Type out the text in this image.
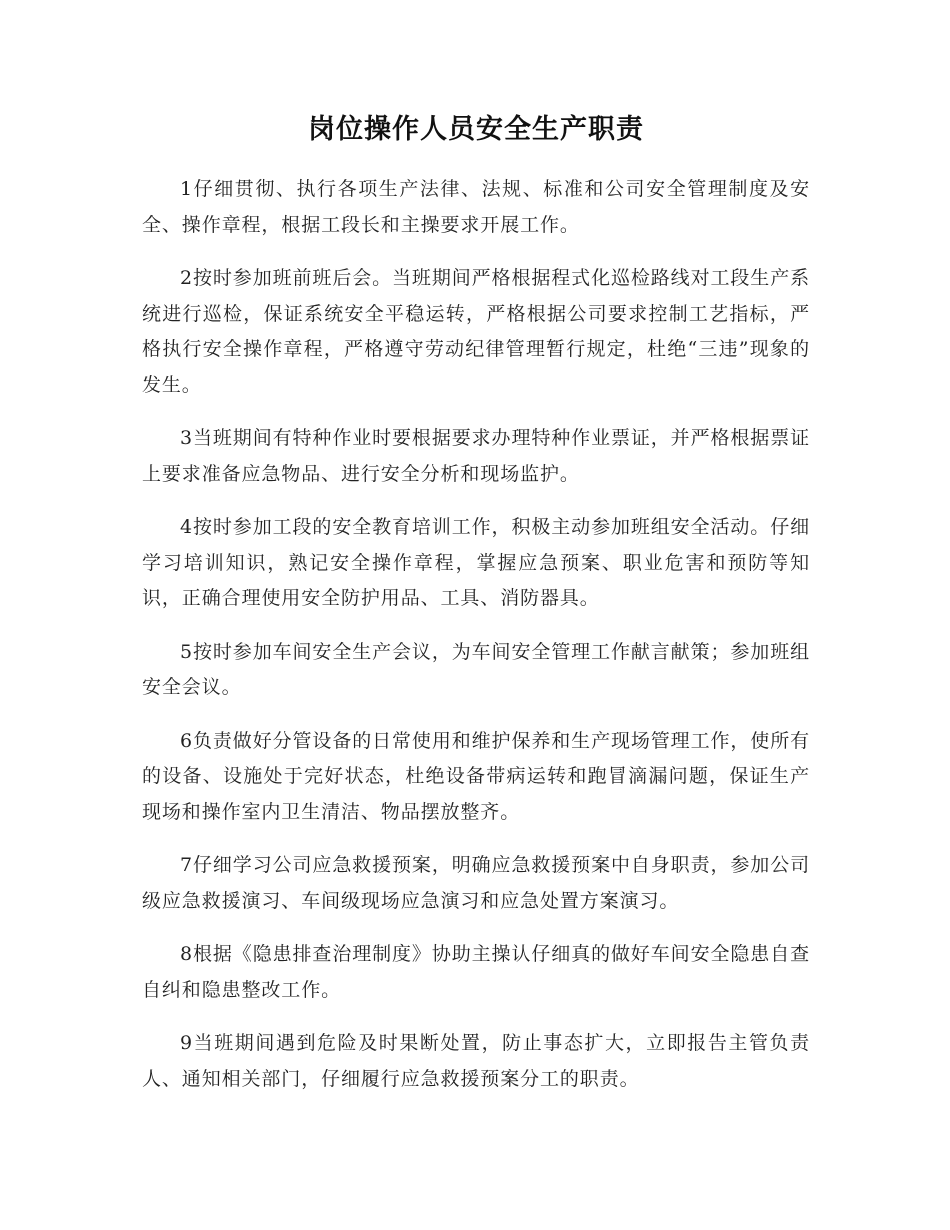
岗位操作人员安全生产职责

1仔细贯彻、执行各项生产法律、法规、标准和公司安全管理制度及安全、操作章程，根据工段长和主操要求开展工作。

2按时参加班前班后会。当班期间严格根据程式化巡检路线对工段生产系统进行巡检，保证系统安全平稳运转，严格根据公司要求控制工艺指标，严格执行安全操作章程，严格遵守劳动纪律管理暂行规定，杜绝“三违”现象的发生。

3当班期间有特种作业时要根据要求办理特种作业票证，并严格根据票证上要求准备应急物品、进行安全分析和现场监护。

4按时参加工段的安全教育培训工作，积极主动参加班组安全活动。仔细学习培训知识，熟记安全操作章程，掌握应急预案、职业危害和预防等知识，正确合理使用安全防护用品、工具、消防器具。

5按时参加车间安全生产会议，为车间安全管理工作献言献策；参加班组安全会议。

6负责做好分管设备的日常使用和维护保养和生产现场管理工作，使所有的设备、设施处于完好状态，杜绝设备带病运转和跑冒滴漏问题，保证生产现场和操作室内卫生清洁、物品摆放整齐。

7仔细学习公司应急救援预案，明确应急救援预案中自身职责，参加公司级应急救援演习、车间级现场应急演习和应急处置方案演习。

8根据《隐患排查治理制度》协助主操认仔细真的做好车间安全隐患自查自纠和隐患整改工作。

9当班期间遇到危险及时果断处置，防止事态扩大，立即报告主管负责人、通知相关部门，仔细履行应急救援预案分工的职责。
